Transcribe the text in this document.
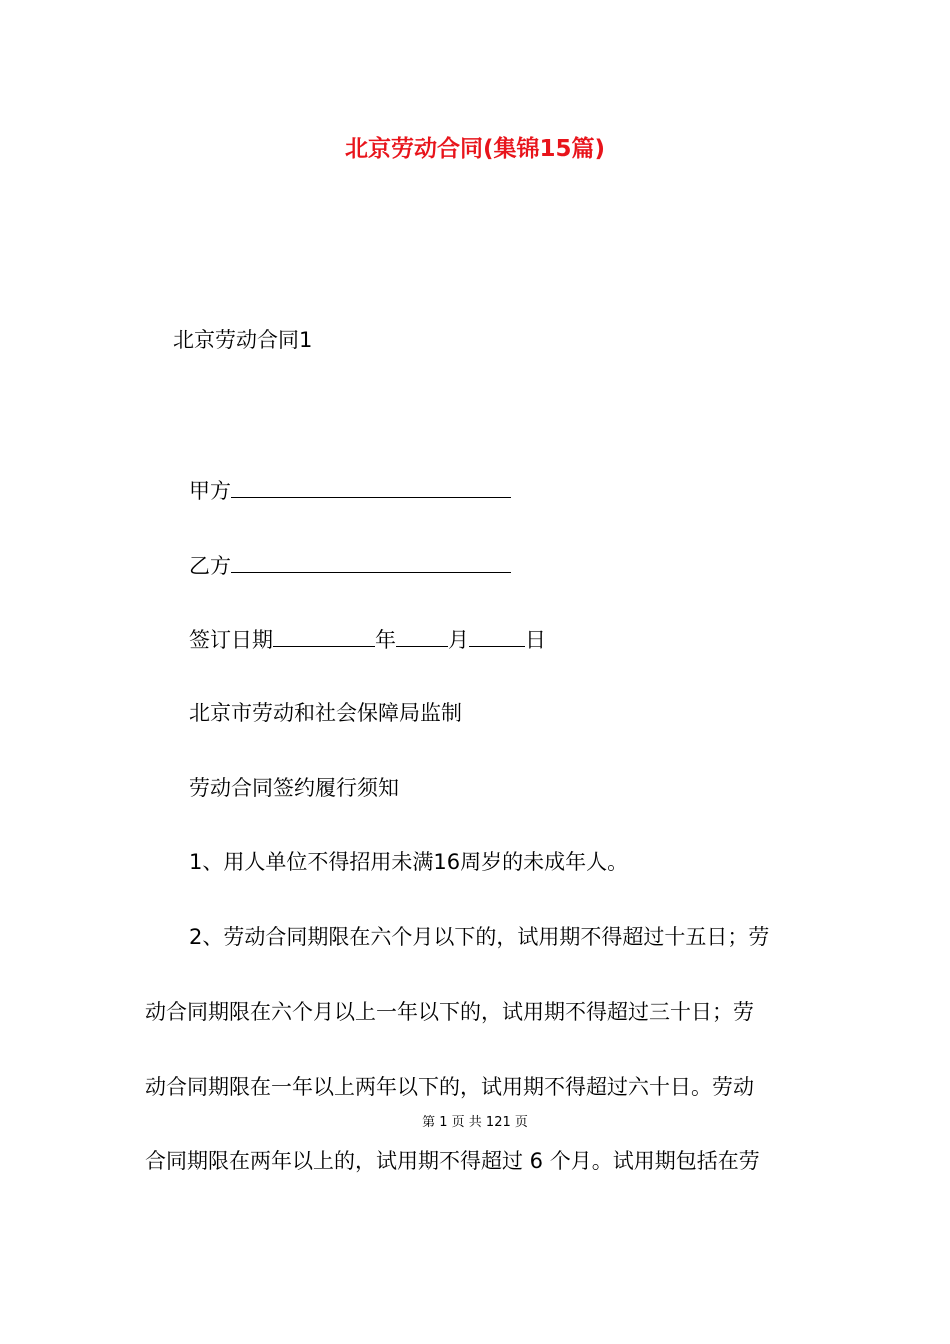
北京劳动合同(集锦15篇)
北京劳动合同1
甲方
乙方
签订日期	年 月	日
北京市劳动和社会保障局监制
劳动合同签约履行须知
1、用人单位不得招用未满16周岁的未成年人。
2、劳动合同期限在六个月以下的，试用期不得超过十五日；劳
动合同期限在六个月以上一年以下的，试用期不得超过三十日；劳
动合同期限在一年以上两年以下的，试用期不得超过六十日。劳动
第 1 页 共 121 页
合同期限在两年以上的，试用期不得超过 6 个月。试用期包括在劳
